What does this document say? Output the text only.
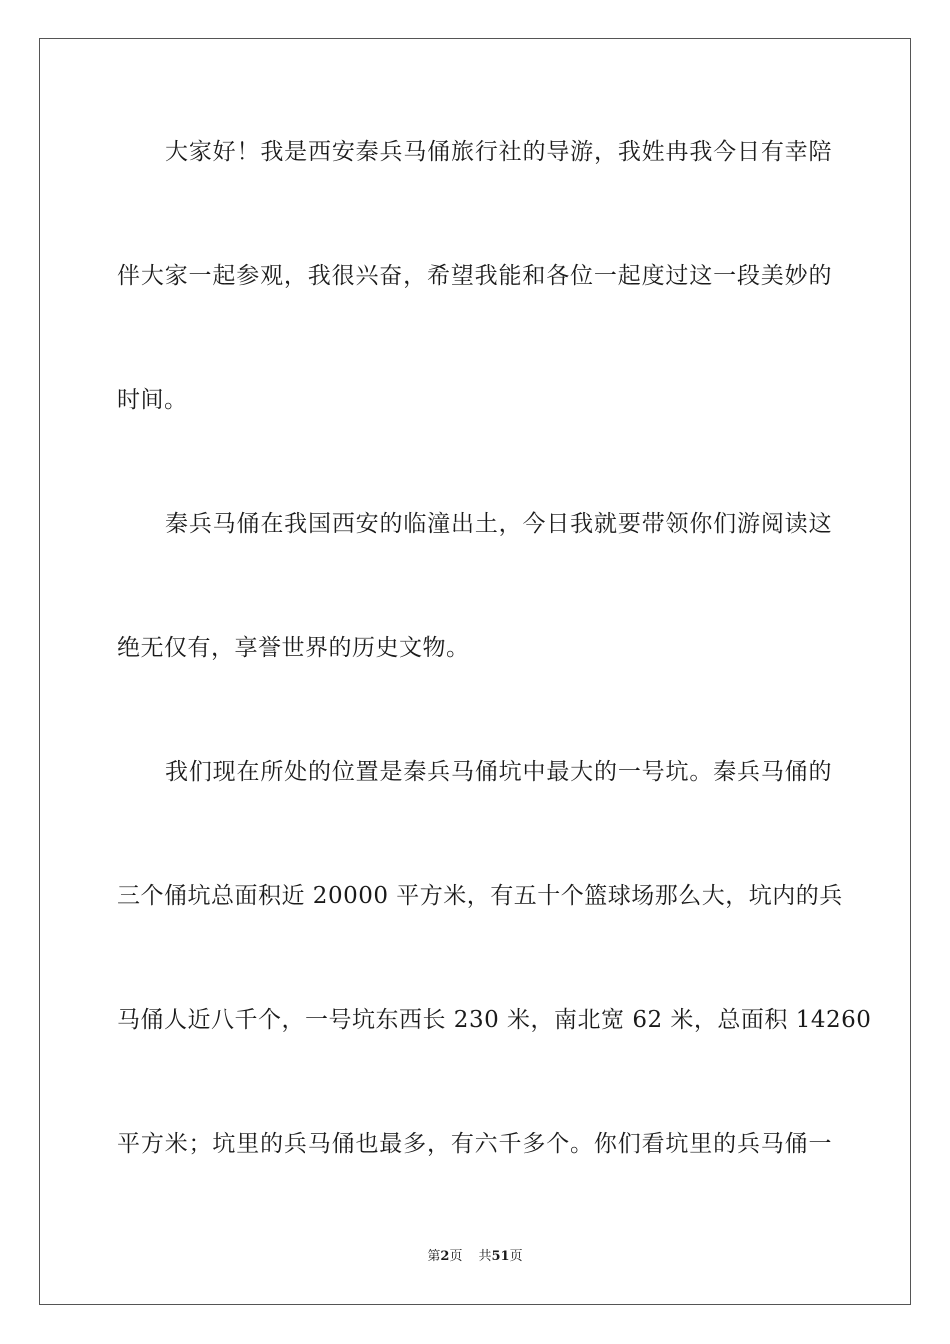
大家好！我是西安秦兵马俑旅行社的导游，我姓冉我今日有幸陪
伴大家一起参观，我很兴奋，希望我能和各位一起度过这一段美妙的
时间。
秦兵马俑在我国西安的临潼出土，今日我就要带领你们游阅读这
绝无仅有，享誉世界的历史文物。
我们现在所处的位置是秦兵马俑坑中最大的一号坑。秦兵马俑的
三个俑坑总面积近 20000 平方米，有五十个篮球场那么大，坑内的兵
马俑人近八千个，一号坑东西长 230 米，南北宽 62 米，总面积 14260
平方米；坑里的兵马俑也最多，有六千多个。你们看坑里的兵马俑一
第2页 共51页
